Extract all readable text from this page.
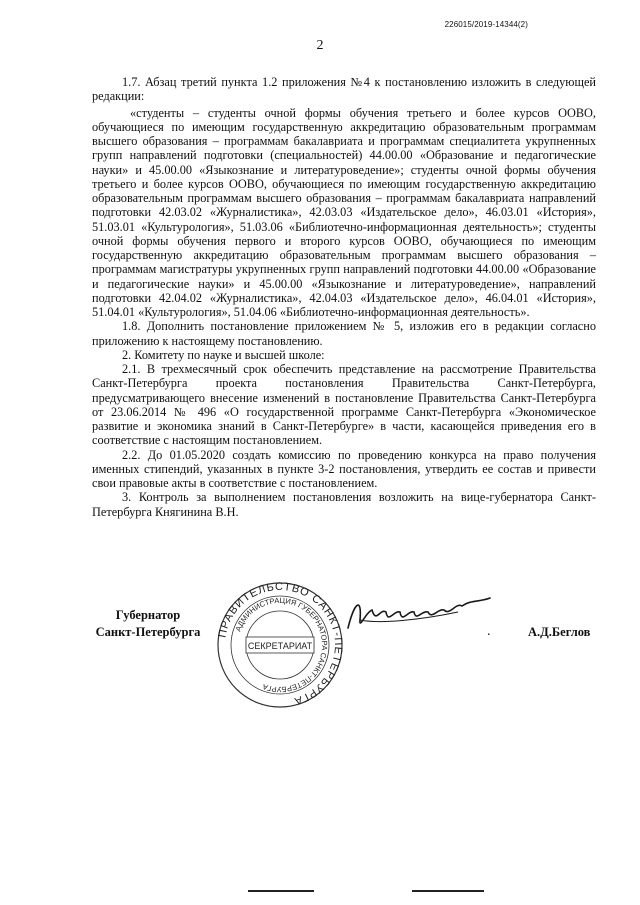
226015/2019-14344(2)
2

1.7. Абзац третий пункта 1.2 приложения №4 к постановлению изложить в следующей редакции:

«студенты – студенты очной формы обучения третьего и более курсов ООВО, обучающиеся по имеющим государственную аккредитацию образовательным программам высшего образования – программам бакалавриата и программам специалитета укрупненных групп направлений подготовки (специальностей) 44.00.00 «Образование и педагогические науки» и 45.00.00 «Языкознание и литературоведение»; студенты очной формы обучения третьего и более курсов ООВО, обучающиеся по имеющим государственную аккредитацию образовательным программам высшего образования – программам бакалавриата направлений подготовки 42.03.02 «Журналистика», 42.03.03 «Издательское дело», 46.03.01 «История», 51.03.01 «Культурология», 51.03.06 «Библиотечно-информационная деятельность»; студенты очной формы обучения первого и второго курсов ООВО, обучающиеся по имеющим государственную аккредитацию образовательным программам высшего образования – программам магистратуры укрупненных групп направлений подготовки 44.00.00 «Образование и педагогические науки» и 45.00.00 «Языкознание и литературоведение», направлений подготовки 42.04.02 «Журналистика», 42.04.03 «Издательское дело», 46.04.01 «История», 51.04.01 «Культурология», 51.04.06 «Библиотечно-информационная деятельность».

1.8. Дополнить постановление приложением № 5, изложив его в редакции согласно приложению к настоящему постановлению.

2. Комитету по науке и высшей школе:

2.1. В трехмесячный срок обеспечить представление на рассмотрение Правительства Санкт-Петербурга проекта постановления Правительства Санкт-Петербурга, предусматривающего внесение изменений в постановление Правительства Санкт-Петербурга от 23.06.2014 № 496 «О государственной программе Санкт-Петербурга «Экономическое развитие и экономика знаний в Санкт-Петербурге» в части, касающейся приведения его в соответствие с настоящим постановлением.

2.2. До 01.05.2020 создать комиссию по проведению конкурса на право получения именных стипендий, указанных в пункте 3-2 постановления, утвердить ее состав и привести свои правовые акты в соответствие с постановлением.

3. Контроль за выполнением постановления возложить на вице-губернатора Санкт-Петербурга Княгинина В.Н.

Губернатор
Санкт-Петербурга	ПРАВИТЕЛЬСТВО САНКТ-ПЕТЕРБУРГА
АДМИНИСТРАЦИЯ ГУБЕРНАТОРА САНКТ-ПЕТЕРБУРГА
СЕКРЕТАРИАТ
.	А.Д.Беглов
